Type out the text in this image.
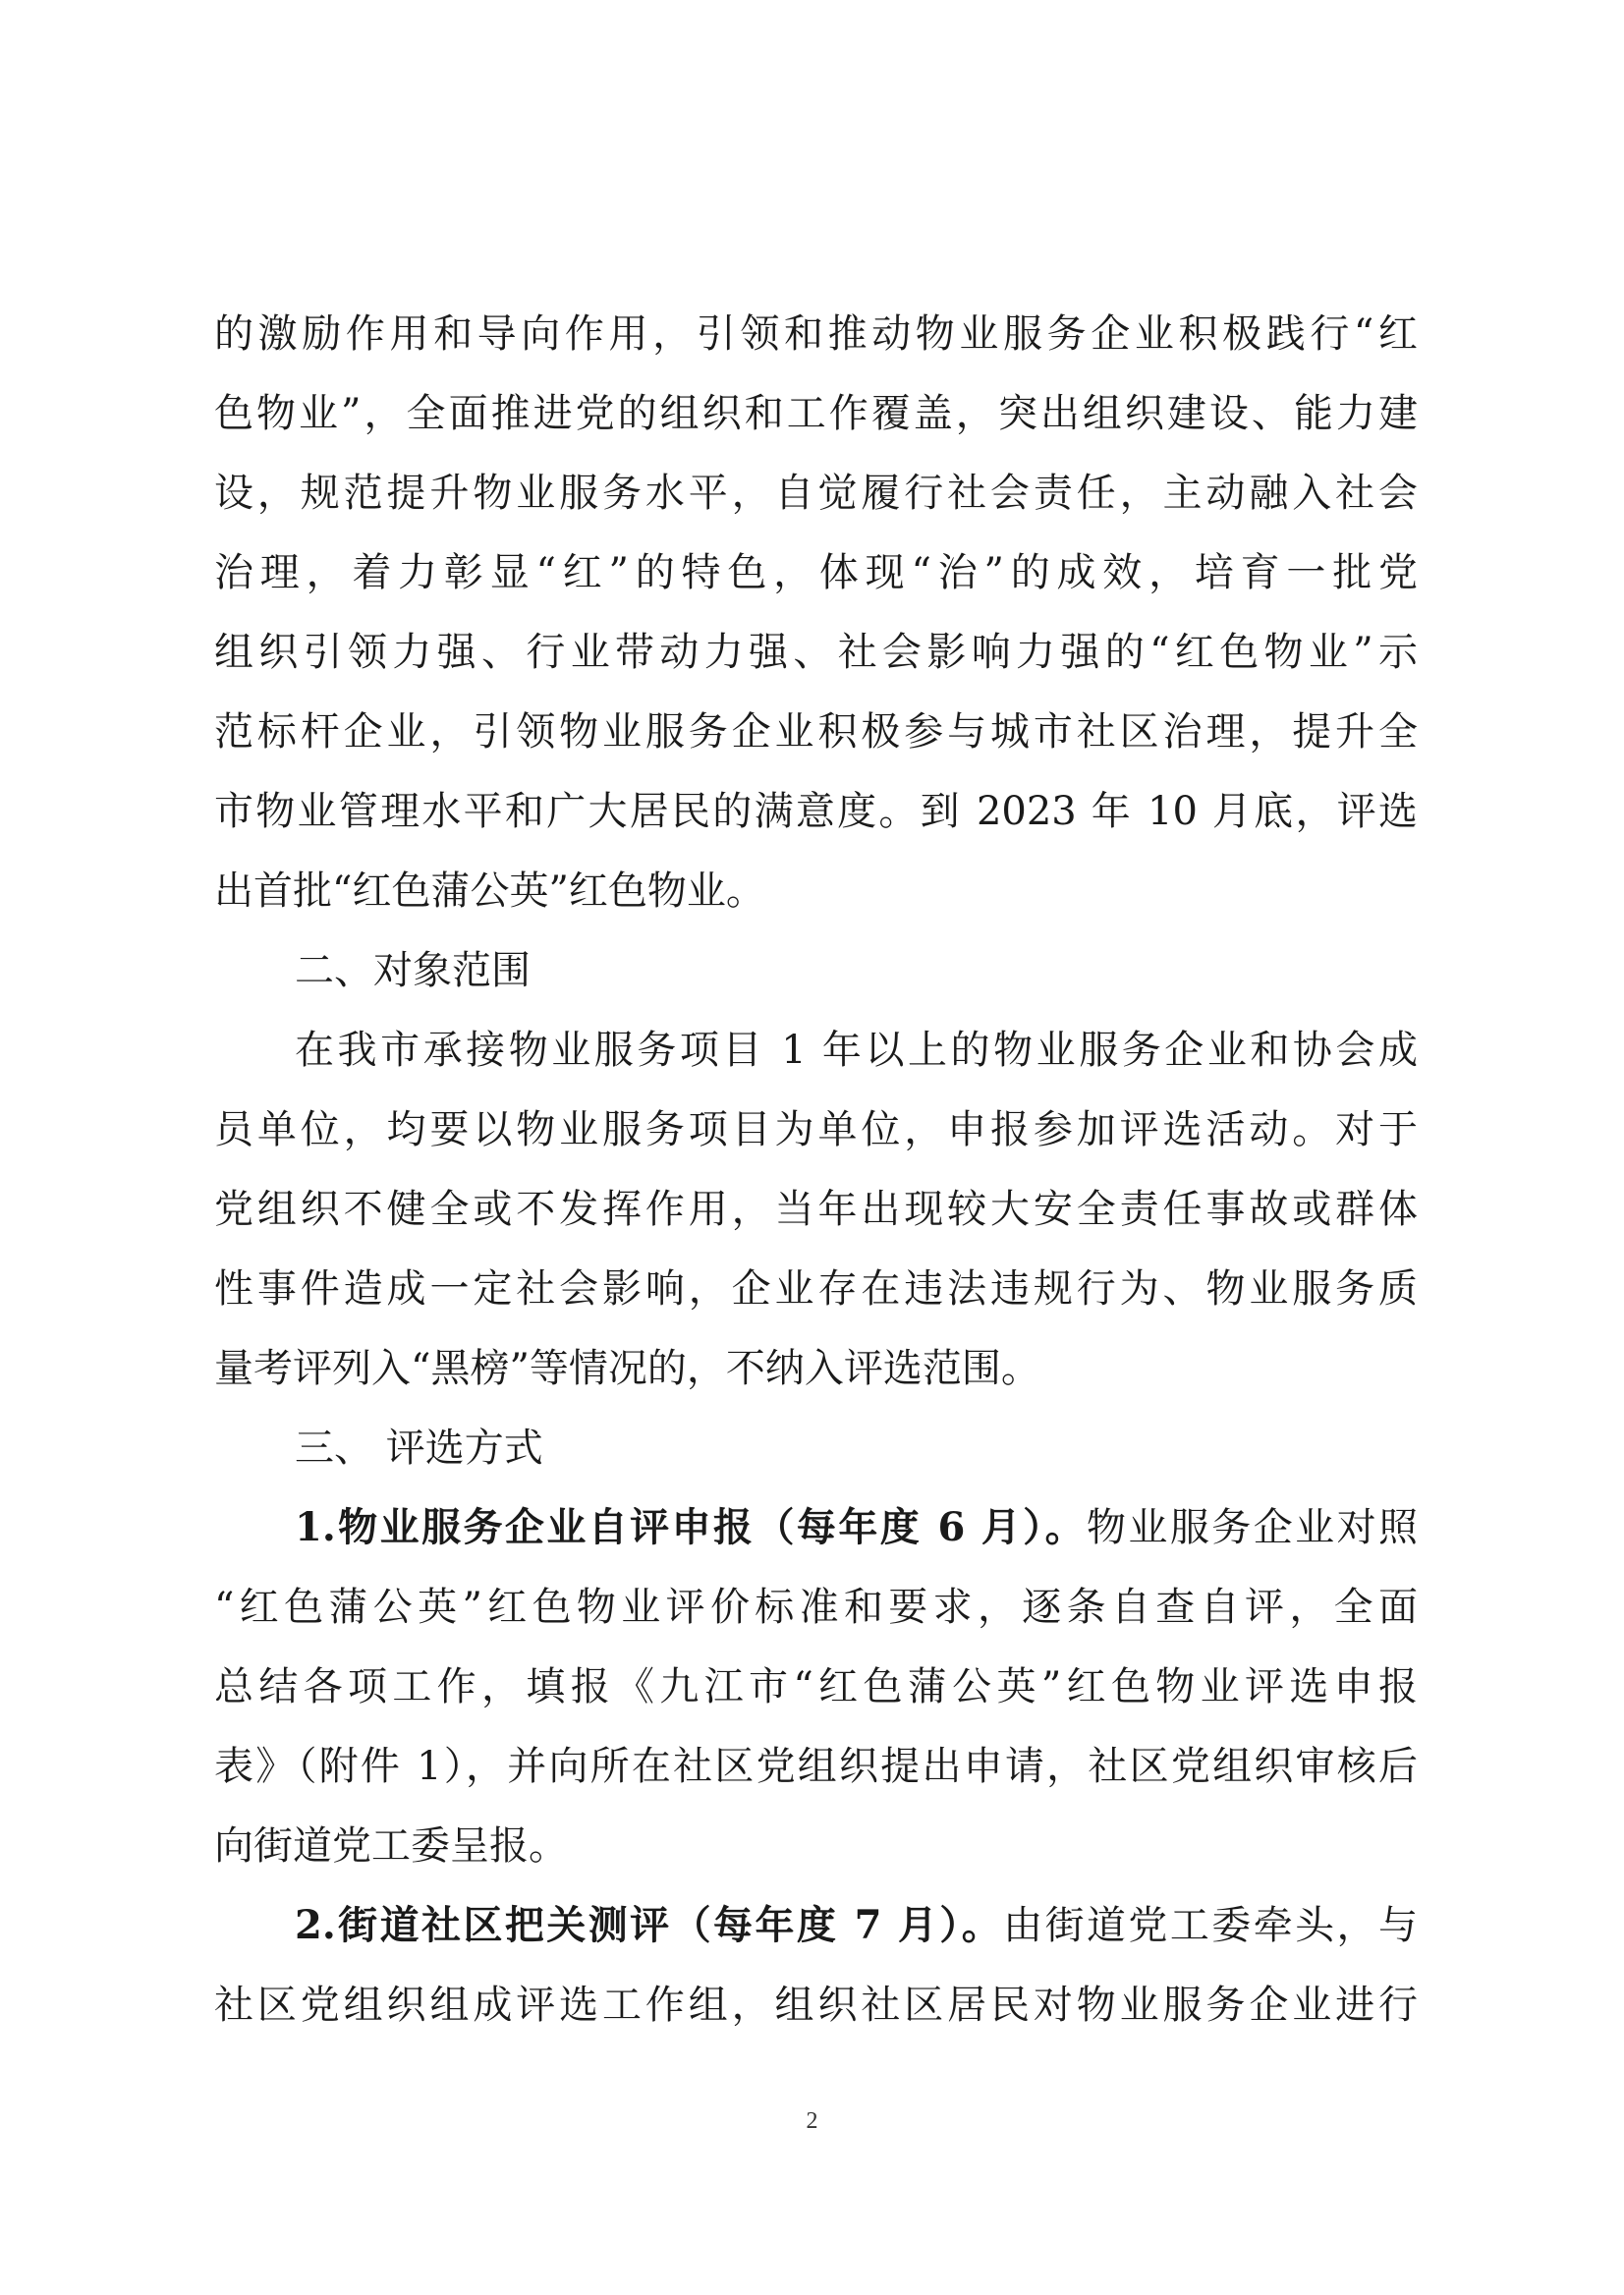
的激励作用和导向作用，引领和推动物业服务企业积极践行“红
色物业”，全面推进党的组织和工作覆盖，突出组织建设、能力建
设，规范提升物业服务水平，自觉履行社会责任，主动融入社会
治理，着力彰显“红”的特色，体现“治”的成效，培育一批党
组织引领力强、行业带动力强、社会影响力强的“红色物业”示
范标杆企业，引领物业服务企业积极参与城市社区治理，提升全
市物业管理水平和广大居民的满意度。到 2023 年 10 月底，评选
出首批“红色蒲公英”红色物业。
二、对象范围
在我市承接物业服务项目 1 年以上的物业服务企业和协会成
员单位，均要以物业服务项目为单位，申报参加评选活动。对于
党组织不健全或不发挥作用，当年出现较大安全责任事故或群体
性事件造成一定社会影响，企业存在违法违规行为、物业服务质
量考评列入“黑榜”等情况的，不纳入评选范围。
三、 评选方式
1.物业服务企业自评申报（每年度 6 月）。物业服务企业对照
“红色蒲公英”红色物业评价标准和要求，逐条自查自评，全面
总结各项工作，填报《九江市“红色蒲公英”红色物业评选申报
表》（附件 1），并向所在社区党组织提出申请，社区党组织审核后
向街道党工委呈报。
2.街道社区把关测评（每年度 7 月）。由街道党工委牵头，与
社区党组织组成评选工作组，组织社区居民对物业服务企业进行
2
